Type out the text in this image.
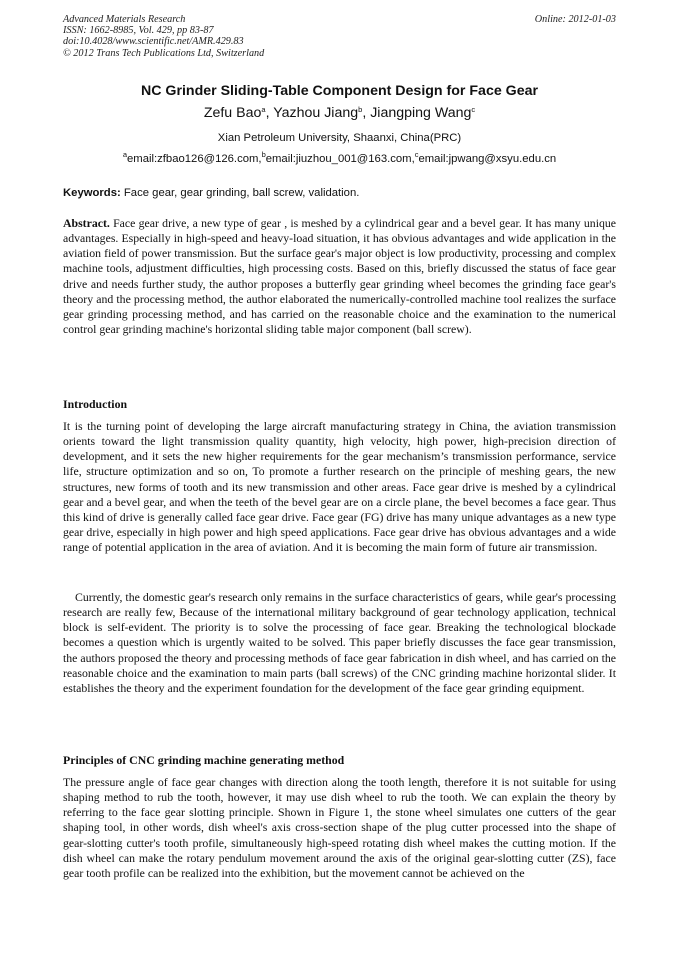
Advanced Materials Research
ISSN: 1662-8985, Vol. 429, pp 83-87
doi:10.4028/www.scientific.net/AMR.429.83
© 2012 Trans Tech Publications Ltd, Switzerland
Online: 2012-01-03
NC Grinder Sliding-Table Component Design for Face Gear
Zefu Bao$^a$, Yazhou Jiang$^b$, Jiangping Wang$^c$
Xian Petroleum University, Shaanxi, China(PRC)
$^a$email:zfbao126@126.com,$^b$email:jiuzhou_001@163.com,$^c$email:jpwang@xsyu.edu.cn
Keywords: Face gear, gear grinding, ball screw, validation.
Abstract. Face gear drive, a new type of gear , is meshed by a cylindrical gear and a bevel gear. It has many unique advantages. Especially in high-speed and heavy-load situation, it has obvious advantages and wide application in the aviation field of power transmission. But the surface gear's major object is low productivity, processing and complex machine tools, adjustment difficulties, high processing costs. Based on this, briefly discussed the status of face gear drive and needs further study, the author proposes a butterfly gear grinding wheel becomes the grinding face gear's theory and the processing method, the author elaborated the numerically-controlled machine tool realizes the surface gear grinding processing method, and has carried on the reasonable choice and the examination to the numerical control gear grinding machine's horizontal sliding table major component (ball screw).
Introduction
It is the turning point of developing the large aircraft manufacturing strategy in China, the aviation transmission orients toward the light transmission quality quantity, high velocity, high power, high-precision direction of development, and it sets the new higher requirements for the gear mechanism’s transmission performance, service life, structure optimization and so on, To promote a further research on the principle of meshing gears, the new structures, new forms of tooth and its new transmission and other areas. Face gear drive is meshed by a cylindrical gear and a bevel gear, and when the teeth of the bevel gear are on a circle plane, the bevel becomes a face gear. Thus this kind of drive is generally called face gear drive. Face gear (FG) drive has many unique advantages as a new type gear drive, especially in high power and high speed applications. Face gear drive has obvious advantages and a wide range of potential application in the area of aviation. And it is becoming the main form of future air transmission.
Currently, the domestic gear's research only remains in the surface characteristics of gears, while gear's processing research are really few, Because of the international military background of gear technology application, technical block is self-evident. The priority is to solve the processing of face gear. Breaking the technological blockade becomes a question which is urgently waited to be solved. This paper briefly discusses the face gear transmission, the authors proposed the theory and processing methods of face gear fabrication in dish wheel, and has carried on the reasonable choice and the examination to main parts (ball screws) of the CNC grinding machine horizontal slider. It establishes the theory and the experiment foundation for the development of the face gear grinding equipment.
Principles of CNC grinding machine generating method
The pressure angle of face gear changes with direction along the tooth length, therefore it is not suitable for using shaping method to rub the tooth, however, it may use dish wheel to rub the tooth. We can explain the theory by referring to the face gear slotting principle. Shown in Figure 1, the stone wheel simulates one cutters of the gear shaping tool, in other words, dish wheel's axis cross-section shape of the plug cutter processed into the shape of gear-slotting cutter's tooth profile, simultaneously high-speed rotating dish wheel makes the cutting motion. If the dish wheel can make the rotary pendulum movement around the axis of the original gear-slotting cutter (ZS), face gear tooth profile can be realized into the exhibition, but the movement cannot be achieved on the
